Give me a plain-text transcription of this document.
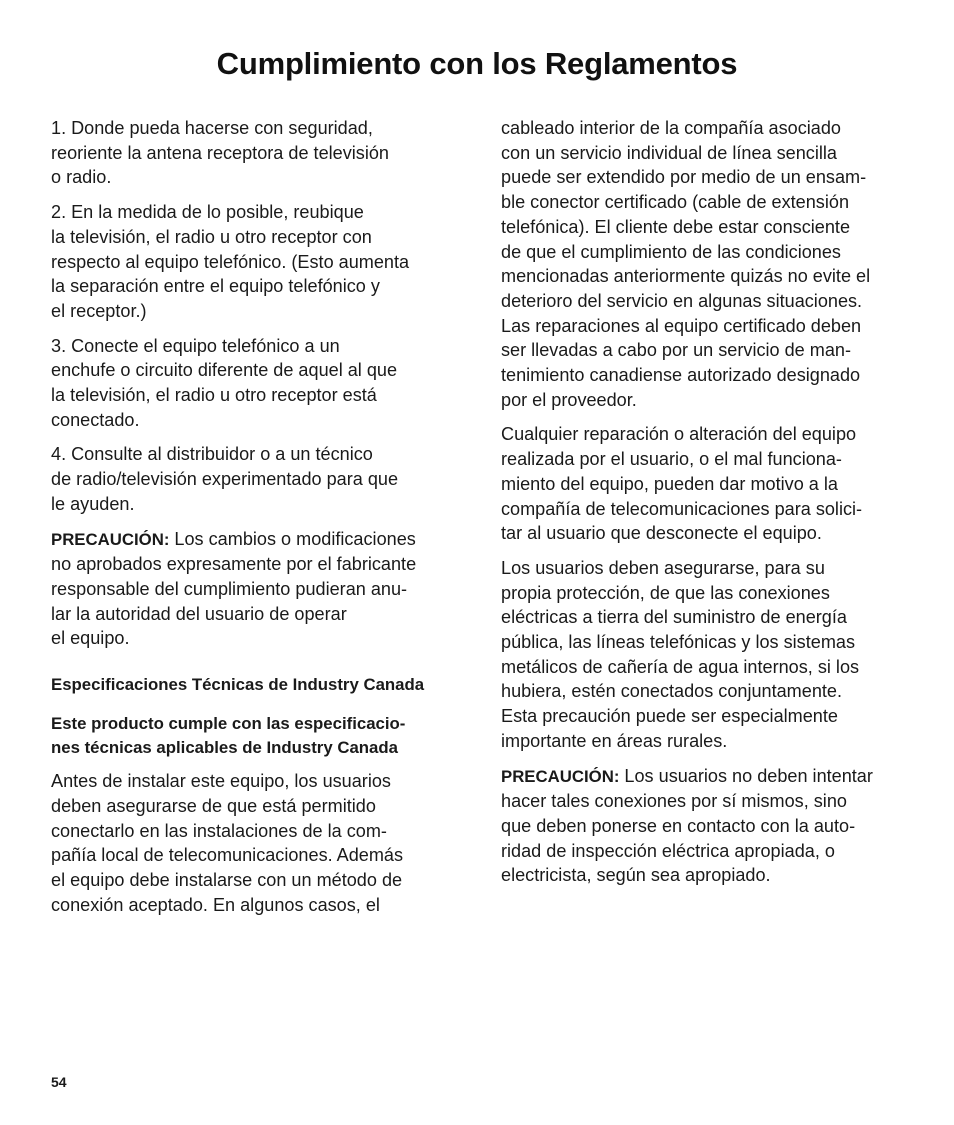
Cumplimiento con los Reglamentos

1. Donde pueda hacerse con seguridad,
reoriente la antena receptora de televisión
o radio.

2. En la medida de lo posible, reubique
la televisión, el radio u otro receptor con
respecto al equipo telefónico. (Esto aumenta
la separación entre el equipo telefónico y
el receptor.)

3. Conecte el equipo telefónico a un
enchufe o circuito diferente de aquel al que
la televisión, el radio u otro receptor está
conectado.

4. Consulte al distribuidor o a un técnico
de radio/televisión experimentado para que
le ayuden.

PRECAUCIÓN: Los cambios o modificaciones
no aprobados expresamente por el fabricante
responsable del cumplimiento pudieran anu-
lar la autoridad del usuario de operar
el equipo.

Especificaciones Técnicas de Industry Canada

Este producto cumple con las especificacio-
nes técnicas aplicables de Industry Canada

Antes de instalar este equipo, los usuarios
deben asegurarse de que está permitido
conectarlo en las instalaciones de la com-
pañía local de telecomunicaciones. Además
el equipo debe instalarse con un método de
conexión aceptado. En algunos casos, el

cableado interior de la compañía asociado
con un servicio individual de línea sencilla
puede ser extendido por medio de un ensam-
ble conector certificado (cable de extensión
telefónica). El cliente debe estar consciente
de que el cumplimiento de las condiciones
mencionadas anteriormente quizás no evite el
deterioro del servicio en algunas situaciones.
Las reparaciones al equipo certificado deben
ser llevadas a cabo por un servicio de man-
tenimiento canadiense autorizado designado
por el proveedor.

Cualquier reparación o alteración del equipo
realizada por el usuario, o el mal funciona-
miento del equipo, pueden dar motivo a la
compañía de telecomunicaciones para solici-
tar al usuario que desconecte el equipo.

Los usuarios deben asegurarse, para su
propia protección, de que las conexiones
eléctricas a tierra del suministro de energía
pública, las líneas telefónicas y los sistemas
metálicos de cañería de agua internos, si los
hubiera, estén conectados conjuntamente.
Esta precaución puede ser especialmente
importante en áreas rurales.

PRECAUCIÓN: Los usuarios no deben intentar
hacer tales conexiones por sí mismos, sino
que deben ponerse en contacto con la auto-
ridad de inspección eléctrica apropiada, o
electricista, según sea apropiado.

54
